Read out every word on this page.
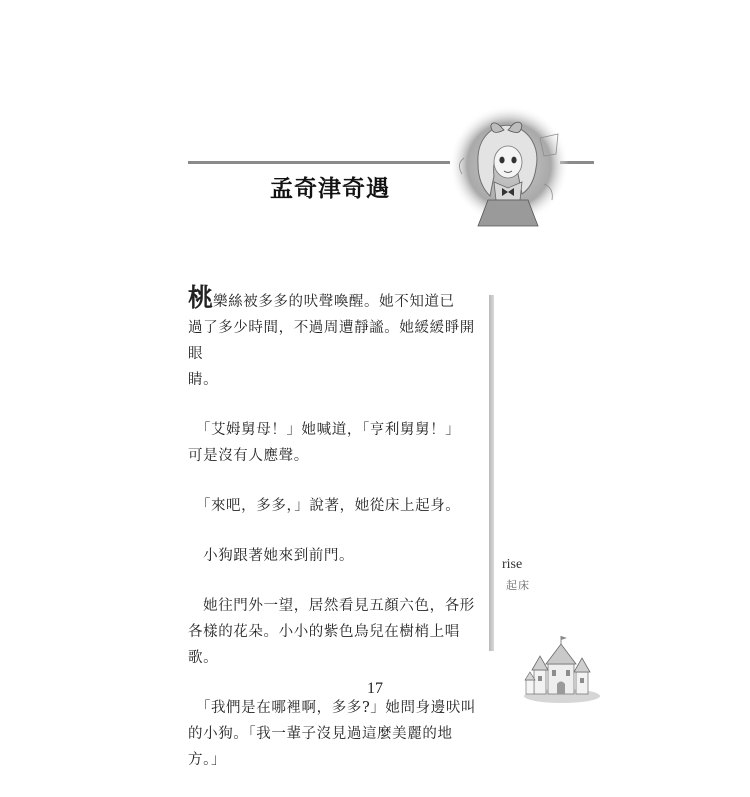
孟奇津奇遇
桃樂絲被多多的吠聲喚醒。她不知道已
過了多少時間，不過周遭靜謐。她緩緩睜開眼
睛。
　「艾姆舅母！」她喊道，「亨利舅舅！」
可是沒有人應聲。
　「來吧，多多，」說著，她從床上起身。
　小狗跟著她來到前門。
　她往門外一望，居然看見五顏六色，各形
各樣的花朵。小小的紫色鳥兒在樹梢上唱歌。
　「我們是在哪裡啊，多多?」她問身邊吠叫
的小狗。「我一輩子沒見過這麼美麗的地方。」
rise
起床
17
